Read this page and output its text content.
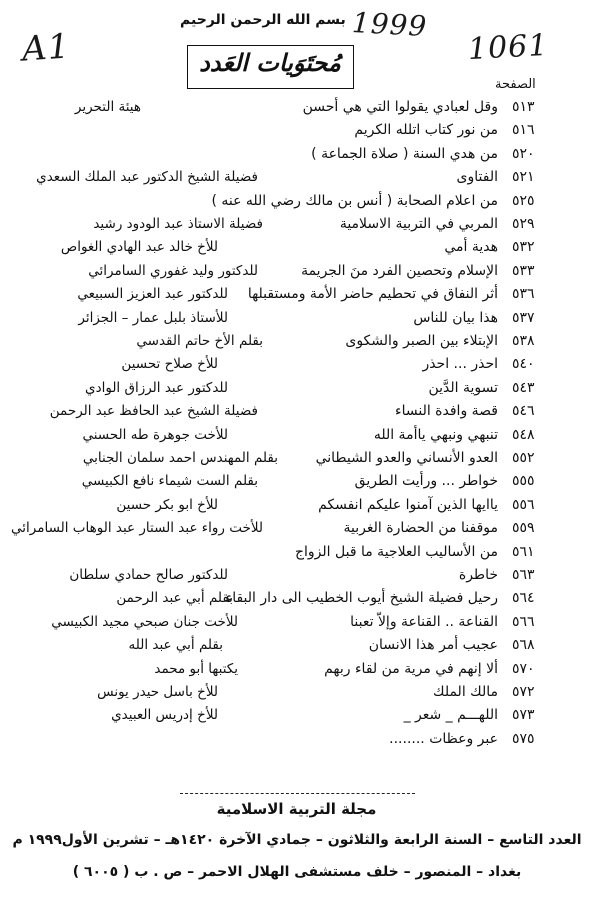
A1
1999
1061
بسم الله الرحمن الرحيم
مُحتَوَيات العَدد
الصفحة
٥١٣
وقل لعبادي يقولوا التي هي أحسن
هيئة التحرير
٥١٦
من نور كتاب اتلله الكريم
٥٢٠
من هدي السنة ( صلاة الجماعة )
٥٢١
الفتاوى
فضيلة الشيخ الدكتور عبد الملك السعدي
٥٢٥
من اعلام الصحابة ( أنس بن مالك رضي الله عنه )
٥٢٩
المربي في التربية الاسلامية
فضيلة الاستاذ عبد الودود رشيد
٥٣٢
هدية أمي
للأخ خالد عبد الهادي الغواص
٥٣٣
الإسلام وتحصين الفرد منَ الجريمة
للدكتور وليد غفوري السامرائي
٥٣٦
أثر النفاق في تحطيم حاضر الأمة ومستقبلها
للدكتور عبد العزيز السبيعي
٥٣٧
هذا بيان للناس
للأستاذ بلبل عمار – الجزائر
٥٣٨
الإبتلاء بين الصبر والشكوى
بقلم الأخ حاتم القدسي
٥٤٠
احذر ... احذر
للأخ صلاح تحسين
٥٤٣
تسوية الدَّين
للدكتور عبد الرزاق الوادي
٥٤٦
قصة وافدة النساء
فضيلة الشيخ عبد الحافظ عبد الرحمن
٥٤٨
تنبهي ونبهي ياأمة الله
للأخت جوهرة طه الحسني
٥٥٢
العدو الأنساني والعدو الشيطاني
بقلم المهندس احمد سلمان الجنابي
٥٥٥
خواطر ... ورأيت الطريق
بقلم الست شيماء نافع الكبيسي
٥٥٦
ياايها الذين آمنوا عليكم انفسكم
للأخ ابو بكر حسين
٥٥٩
موقفنا من الحضارة الغربية
للأخت رواء عبد الستار عبد الوهاب السامرائي
٥٦١
من الأساليب العلاجية ما قبل الزواج
٥٦٣
خاطرة
للدكتور صالح حمادي سلطان
٥٦٤
رحيل فضيلة الشيخ أيوب الخطيب الى دار البقاء
بقلم أبي عبد الرحمن
٥٦٦
القناعة .. القناعة وإلاّ تعبنا
للأخت جنان صبحي مجيد الكبيسي
٥٦٨
عجيب أمر هذا الانسان
بقلم أبي عبد الله
٥٧٠
ألا إنهم في مرية من لقاء ربهم
يكتبها أبو محمد
٥٧٢
مالك الملك
للأخ باسل حيدر يونس
٥٧٣
اللهـــم _ شعر _
للأخ إدريس العبيدي
٥٧٥
عبر وعظات ........
مجلة التربية الاسلامية
العدد التاسع – السنة الرابعة والثلاثون – جمادي الآخرة ١٤٢٠هـ – تشرين الأول١٩٩٩ م
بغداد – المنصور – خلف مستشفى الهلال الاحمر – ص . ب ( ٦٠٠٥ )
